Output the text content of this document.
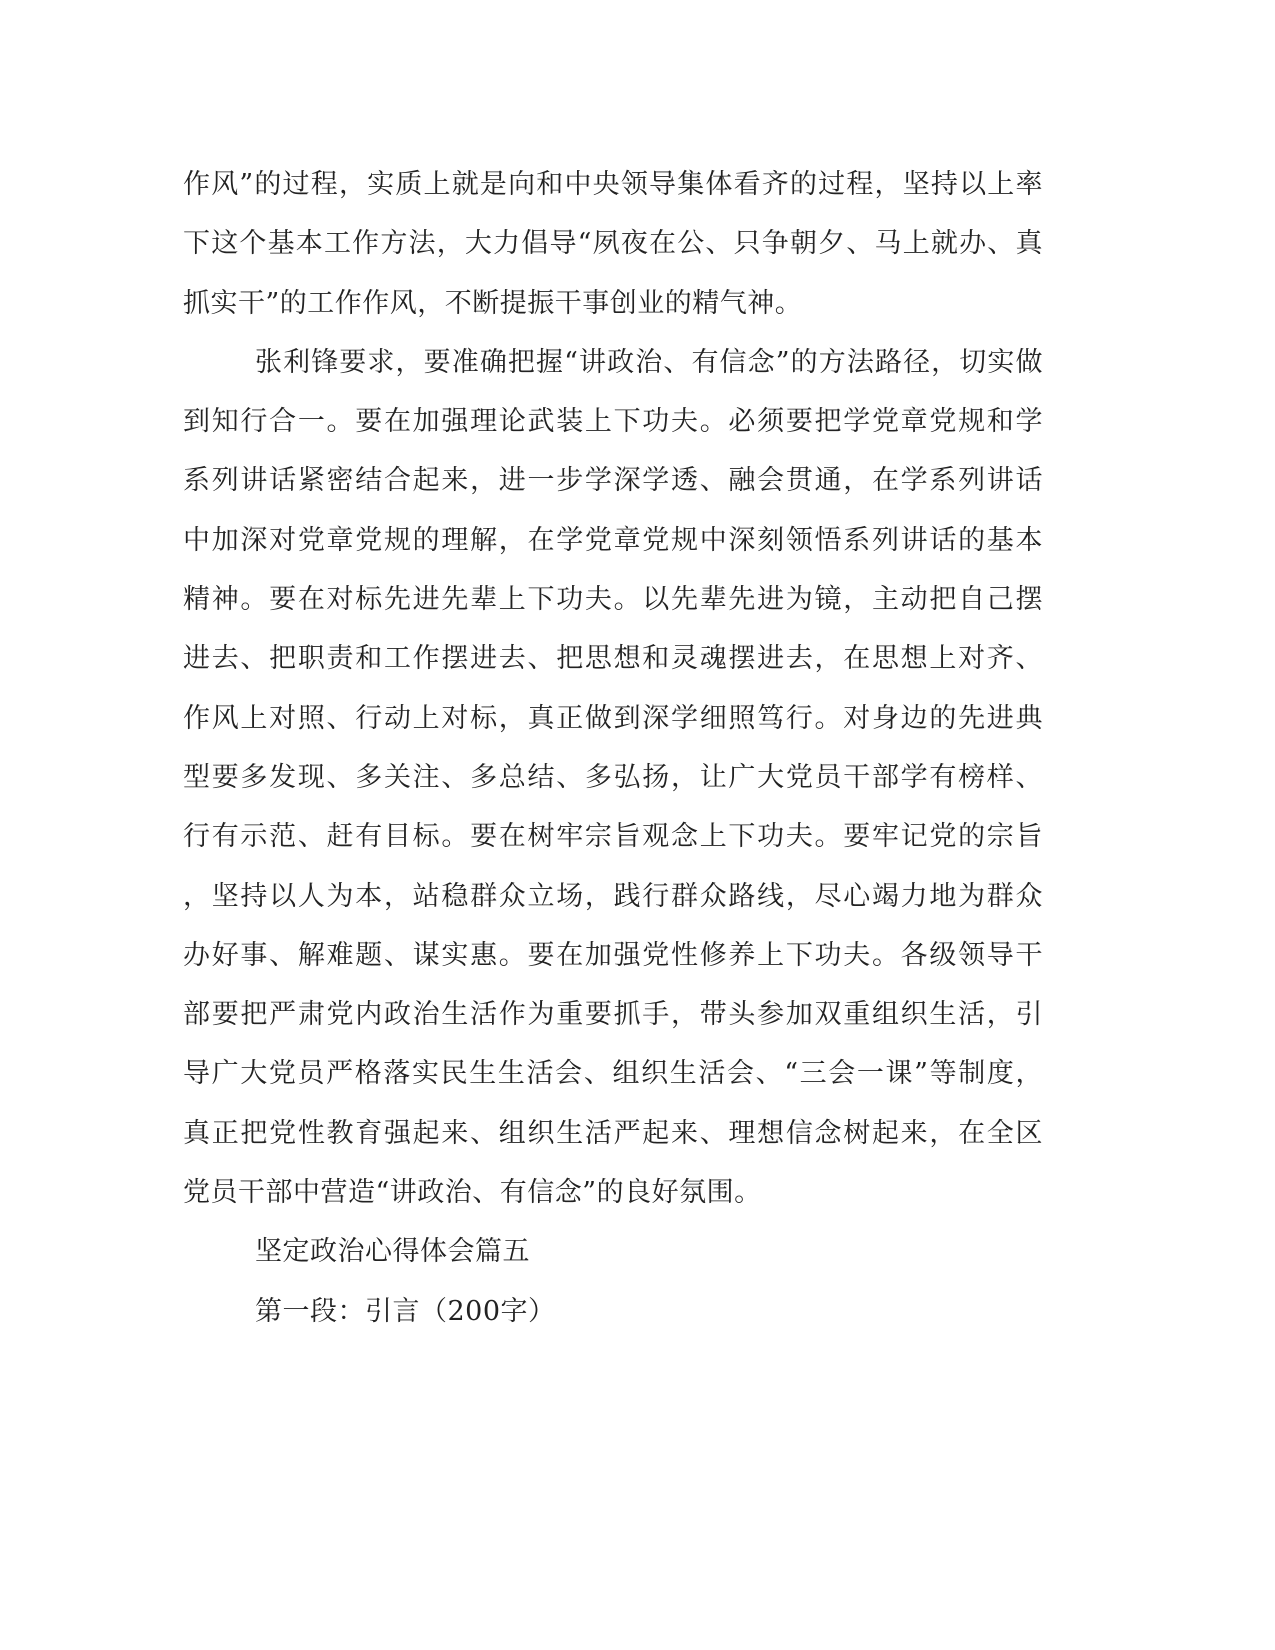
作风”的过程，实质上就是向和中央领导集体看齐的过程，坚持以上率
下这个基本工作方法，大力倡导“夙夜在公、只争朝夕、马上就办、真
抓实干”的工作作风，不断提振干事创业的精气神。
张利锋要求，要准确把握“讲政治、有信念”的方法路径，切实做
到知行合一。要在加强理论武装上下功夫。必须要把学党章党规和学
系列讲话紧密结合起来，进一步学深学透、融会贯通，在学系列讲话
中加深对党章党规的理解，在学党章党规中深刻领悟系列讲话的基本
精神。要在对标先进先辈上下功夫。以先辈先进为镜，主动把自己摆
进去、把职责和工作摆进去、把思想和灵魂摆进去，在思想上对齐、
作风上对照、行动上对标，真正做到深学细照笃行。对身边的先进典
型要多发现、多关注、多总结、多弘扬，让广大党员干部学有榜样、
行有示范、赶有目标。要在树牢宗旨观念上下功夫。要牢记党的宗旨
，坚持以人为本，站稳群众立场，践行群众路线，尽心竭力地为群众
办好事、解难题、谋实惠。要在加强党性修养上下功夫。各级领导干
部要把严肃党内政治生活作为重要抓手，带头参加双重组织生活，引
导广大党员严格落实民生生活会、组织生活会、“三会一课”等制度，
真正把党性教育强起来、组织生活严起来、理想信念树起来，在全区
党员干部中营造“讲政治、有信念”的良好氛围。
坚定政治心得体会篇五
第一段：引言（200字）
